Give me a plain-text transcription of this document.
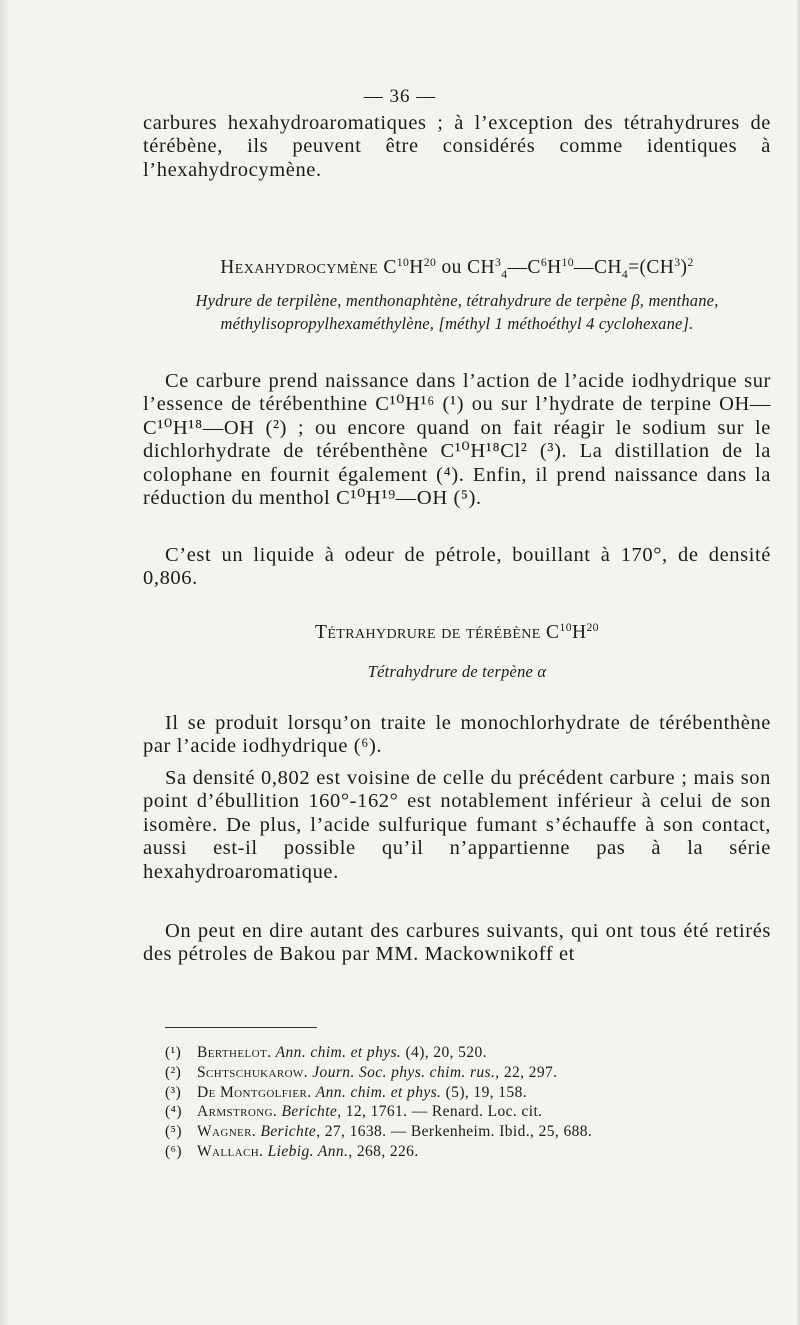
— 36 —
carbures hexahydroaromatiques ; à l’exception des tétrahydrures de térébène, ils peuvent être considérés comme identiques à l’hexahydrocymène.
Hexahydrocymène $C^{10}H^{20}$ ou $CH^3_4—C^6H^{10}—CH_4=(CH^3)^2$
Hydrure de terpilène, menthonaphtène, tétrahydrure de terpène β, menthane,
méthylisopropylhexaméthylène, [méthyl 1 méthoéthyl 4 cyclohexane].
Ce carbure prend naissance dans l’action de l’acide iodhydrique sur l’essence de térébenthine C¹⁰H¹⁶ (¹) ou sur l’hydrate de terpine OH—C¹⁰H¹⁸—OH (²) ; ou encore quand on fait réagir le sodium sur le dichlorhydrate de térébenthène C¹⁰H¹⁸Cl² (³). La distillation de la colophane en fournit également (⁴). Enfin, il prend naissance dans la réduction du menthol C¹⁰H¹⁹—OH (⁵).
C’est un liquide à odeur de pétrole, bouillant à 170°, de densité 0,806.
Tétrahydrure de térébène $C^{10}H^{20}$
Tétrahydrure de terpène α
Il se produit lorsqu’on traite le monochlorhydrate de térébenthène par l’acide iodhydrique (⁶).
Sa densité 0,802 est voisine de celle du précédent carbure ; mais son point d’ébullition 160°-162° est notablement inférieur à celui de son isomère. De plus, l’acide sulfurique fumant s’échauffe à son contact, aussi est-il possible qu’il n’appartienne pas à la série hexahydroaromatique.
On peut en dire autant des carbures suivants, qui ont tous été retirés des pétroles de Bakou par MM. Mackownikoff et
(¹)	Berthelot. Ann. chim. et phys. (4), 20, 520.
(²)	Schtschukarow. Journ. Soc. phys. chim. rus., 22, 297.
(³)	De Montgolfier. Ann. chim. et phys. (5), 19, 158.
(⁴) Armstrong. Berichte, 12, 1761. — Renard. Loc. cit.
(⁵) Wagner. Berichte, 27, 1638. — Berkenheim. Ibid., 25, 688.
(⁶) Wallach. Liebig. Ann., 268, 226.
